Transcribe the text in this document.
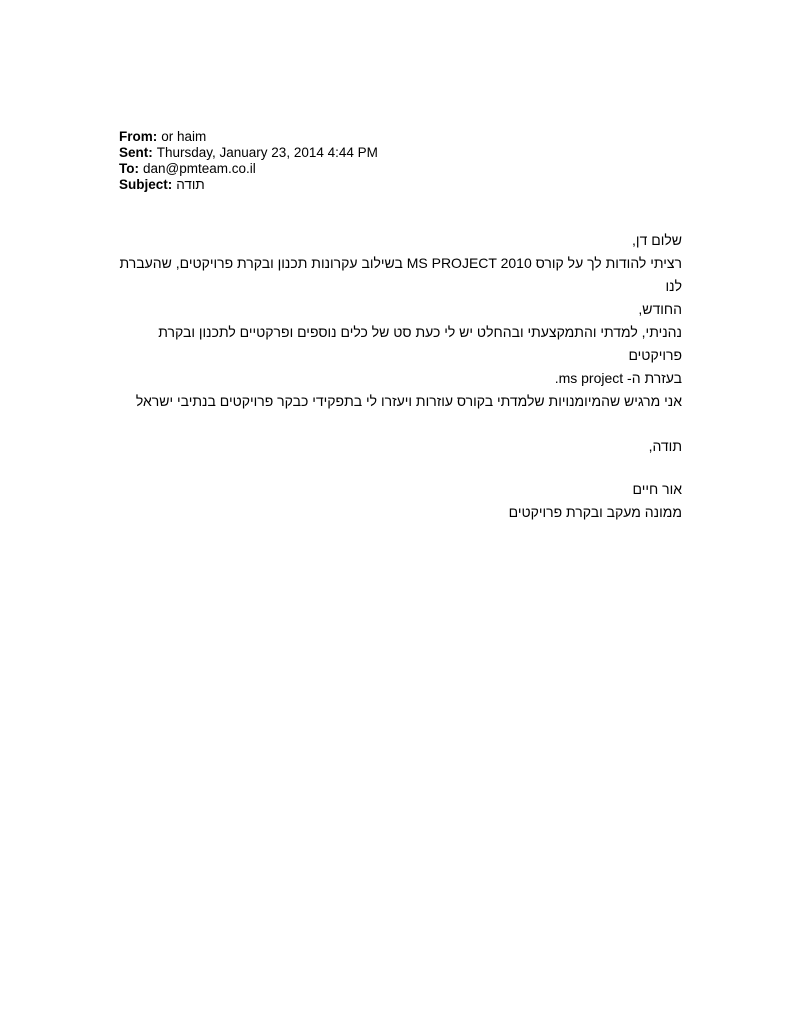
From: or haim
Sent: Thursday, January 23, 2014 4:44 PM
To: dan@pmteam.co.il
Subject: תודה

שלום דן,

רציתי להודות לך על קורס MS PROJECT 2010 בשילוב עקרונות תכנון ובקרת פרויקטים, שהעברת לנו

החודש,

נהניתי, למדתי והתמקצעתי ובהחלט יש לי כעת סט של כלים נוספים ופרקטיים לתכנון ובקרת פרויקטים

בעזרת ה- ms project.

אני מרגיש שהמיומנויות שלמדתי בקורס עוזרות ויעזרו לי בתפקידי כבקר פרויקטים בנתיבי ישראל

תודה,

אור חיים

ממונה מעקב ובקרת פרויקטים
